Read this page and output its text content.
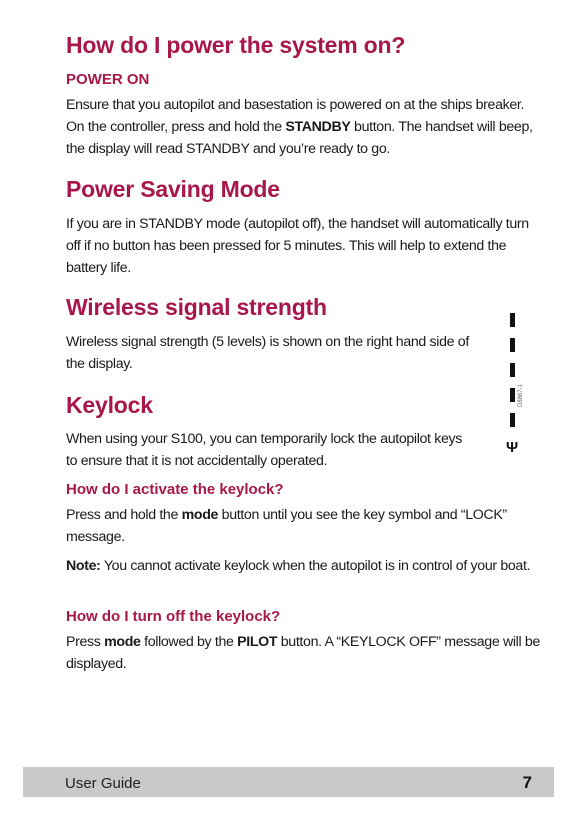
How do I power the system on?
POWER ON

Ensure that you autopilot and basestation is powered on at the ships breaker. On the controller, press and hold the STANDBY button. The handset will beep, the display will read STANDBY and you’re ready to go.

Power Saving Mode

If you are in STANDBY mode (autopilot off), the handset will automatically turn off if no button has been pressed for 5 minutes. This will help to extend the battery life.

Wireless signal strength

Wireless signal strength (5 levels) is shown on the right hand side of the display.

Ψ
D8867-1
Keylock

When using your S100, you can temporarily lock the autopilot keys to ensure that it is not accidentally operated.

How do I activate the keylock?

Press and hold the mode button until you see the key symbol and “LOCK” message.

Note: You cannot activate keylock when the autopilot is in control of your boat.

How do I turn off the keylock?

Press mode followed by the PILOT button. A “KEYLOCK OFF” message will be displayed.

User Guide	7
